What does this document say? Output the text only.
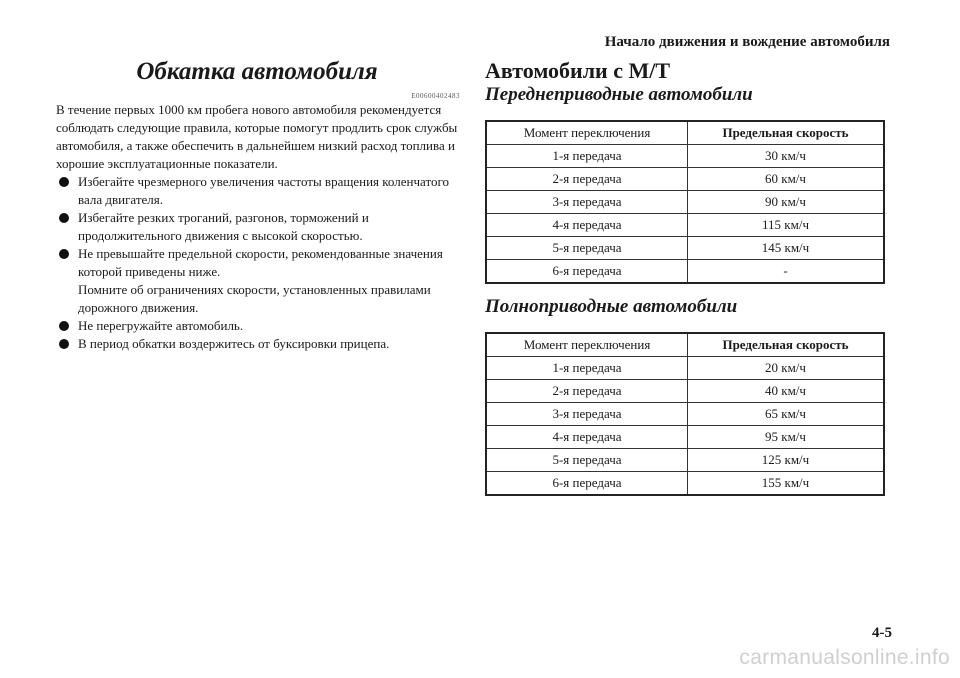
Начало движения и вождение автомобиля
Обкатка автомобиля
E00600402483

В течение первых 1000 км пробега нового автомобиля рекомендуется соблюдать следующие правила, которые помогут продлить срок службы автомобиля, а также обеспечить в дальнейшем низкий расход топлива и хорошие эксплуатационные показатели.

Избегайте чрезмерного увеличения частоты вращения коленчатого вала двигателя.
Избегайте резких троганий, разгонов, торможений и продолжительного движения с высокой скоростью.
Не превышайте предельной скорости, рекомендованные значения которой приведены ниже.
Помните об ограничениях скорости, установленных правилами дорожного движения.
Не перегружайте автомобиль.
В период обкатки воздержитесь от буксировки прицепа.
Автомобили с М/Т
Переднеприводные автомобили
Момент переключения	Предельная скорость
1-я передача	30 км/ч
2-я передача	60 км/ч
3-я передача	90 км/ч
4-я передача	115 км/ч
5-я передача	145 км/ч
6-я передача	-
Полноприводные автомобили
Момент переключения	Предельная скорость
1-я передача	20 км/ч
2-я передача	40 км/ч
3-я передача	65 км/ч
4-я передача	95 км/ч
5-я передача	125 км/ч
6-я передача	155 км/ч
4-5
carmanualsonline.info
